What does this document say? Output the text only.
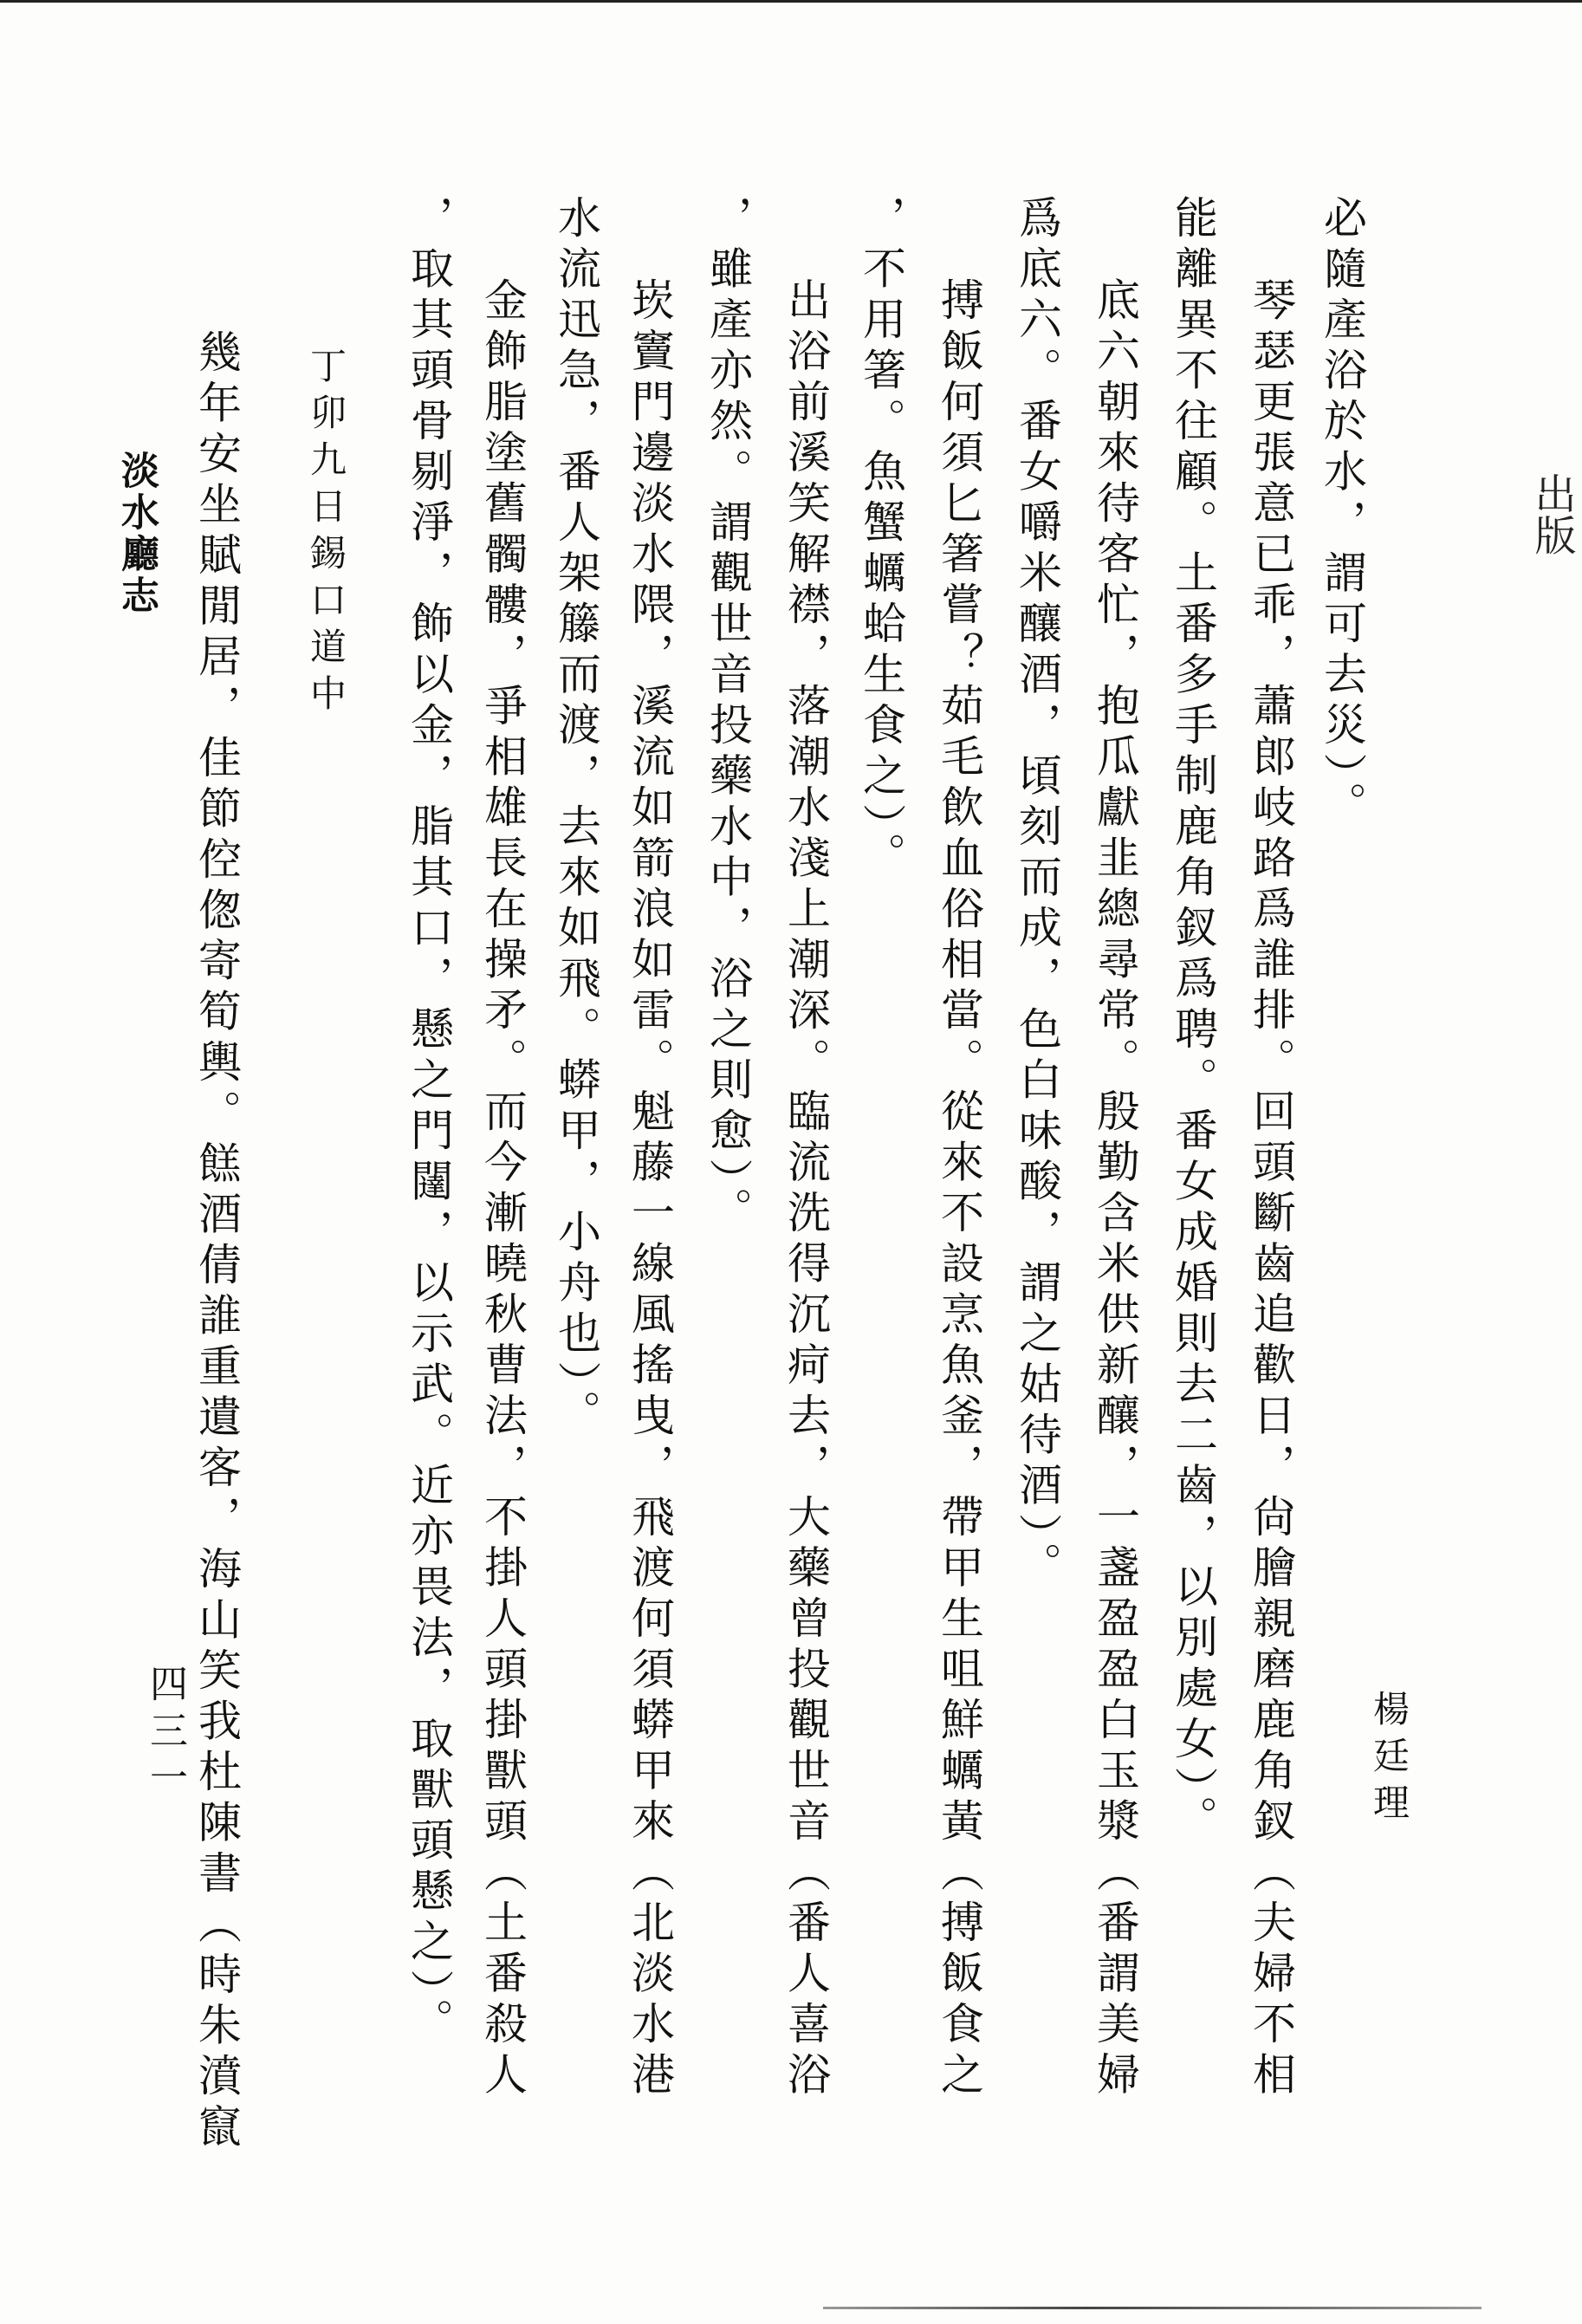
出版
必隨產浴於水，謂可去災）。
琴瑟更張意已乖，蕭郎岐路爲誰排。回頭斷齒追歡日，尙膾親磨鹿角釵（夫婦不相
能離異不往顧。土番多手制鹿角釵爲聘。番女成婚則去二齒，以別處女）。
底六朝來待客忙，抱瓜獻韭總尋常。殷勤含米供新釀，一盞盈盈白玉漿（番謂美婦
爲底六。番女嚼米釀酒，頃刻而成，色白味酸，謂之姑待酒）。
搏飯何須匕箸嘗？茹毛飲血俗相當。從來不設烹魚釜，帶甲生咀鮮蠣黃（搏飯食之
，不用箸。魚蟹蠣蛤生食之）。
出浴前溪笑解襟，落潮水淺上潮深。臨流洗得沉疴去，大藥曾投觀世音（番人喜浴
，雖產亦然。謂觀世音投藥水中，浴之則愈）。
崁竇門邊淡水隈，溪流如箭浪如雷。魁藤一線風搖曳，飛渡何須蟒甲來（北淡水港
水流迅急，番人架籐而渡，去來如飛。蟒甲，小舟也）。
金飾脂塗舊髑髏，爭相雄長在操矛。而今漸曉秋曹法，不掛人頭掛獸頭（土番殺人
，取其頭骨剔淨，飾以金，脂其口，懸之門闥，以示武。近亦畏法，取獸頭懸之）。
丁卯九日錫口道中
楊廷理
幾年安坐賦閒居，佳節倥偬寄筍輿。餻酒倩誰重遺客，海山笑我杜陳書（時朱濆竄
淡水廳志
四三一
